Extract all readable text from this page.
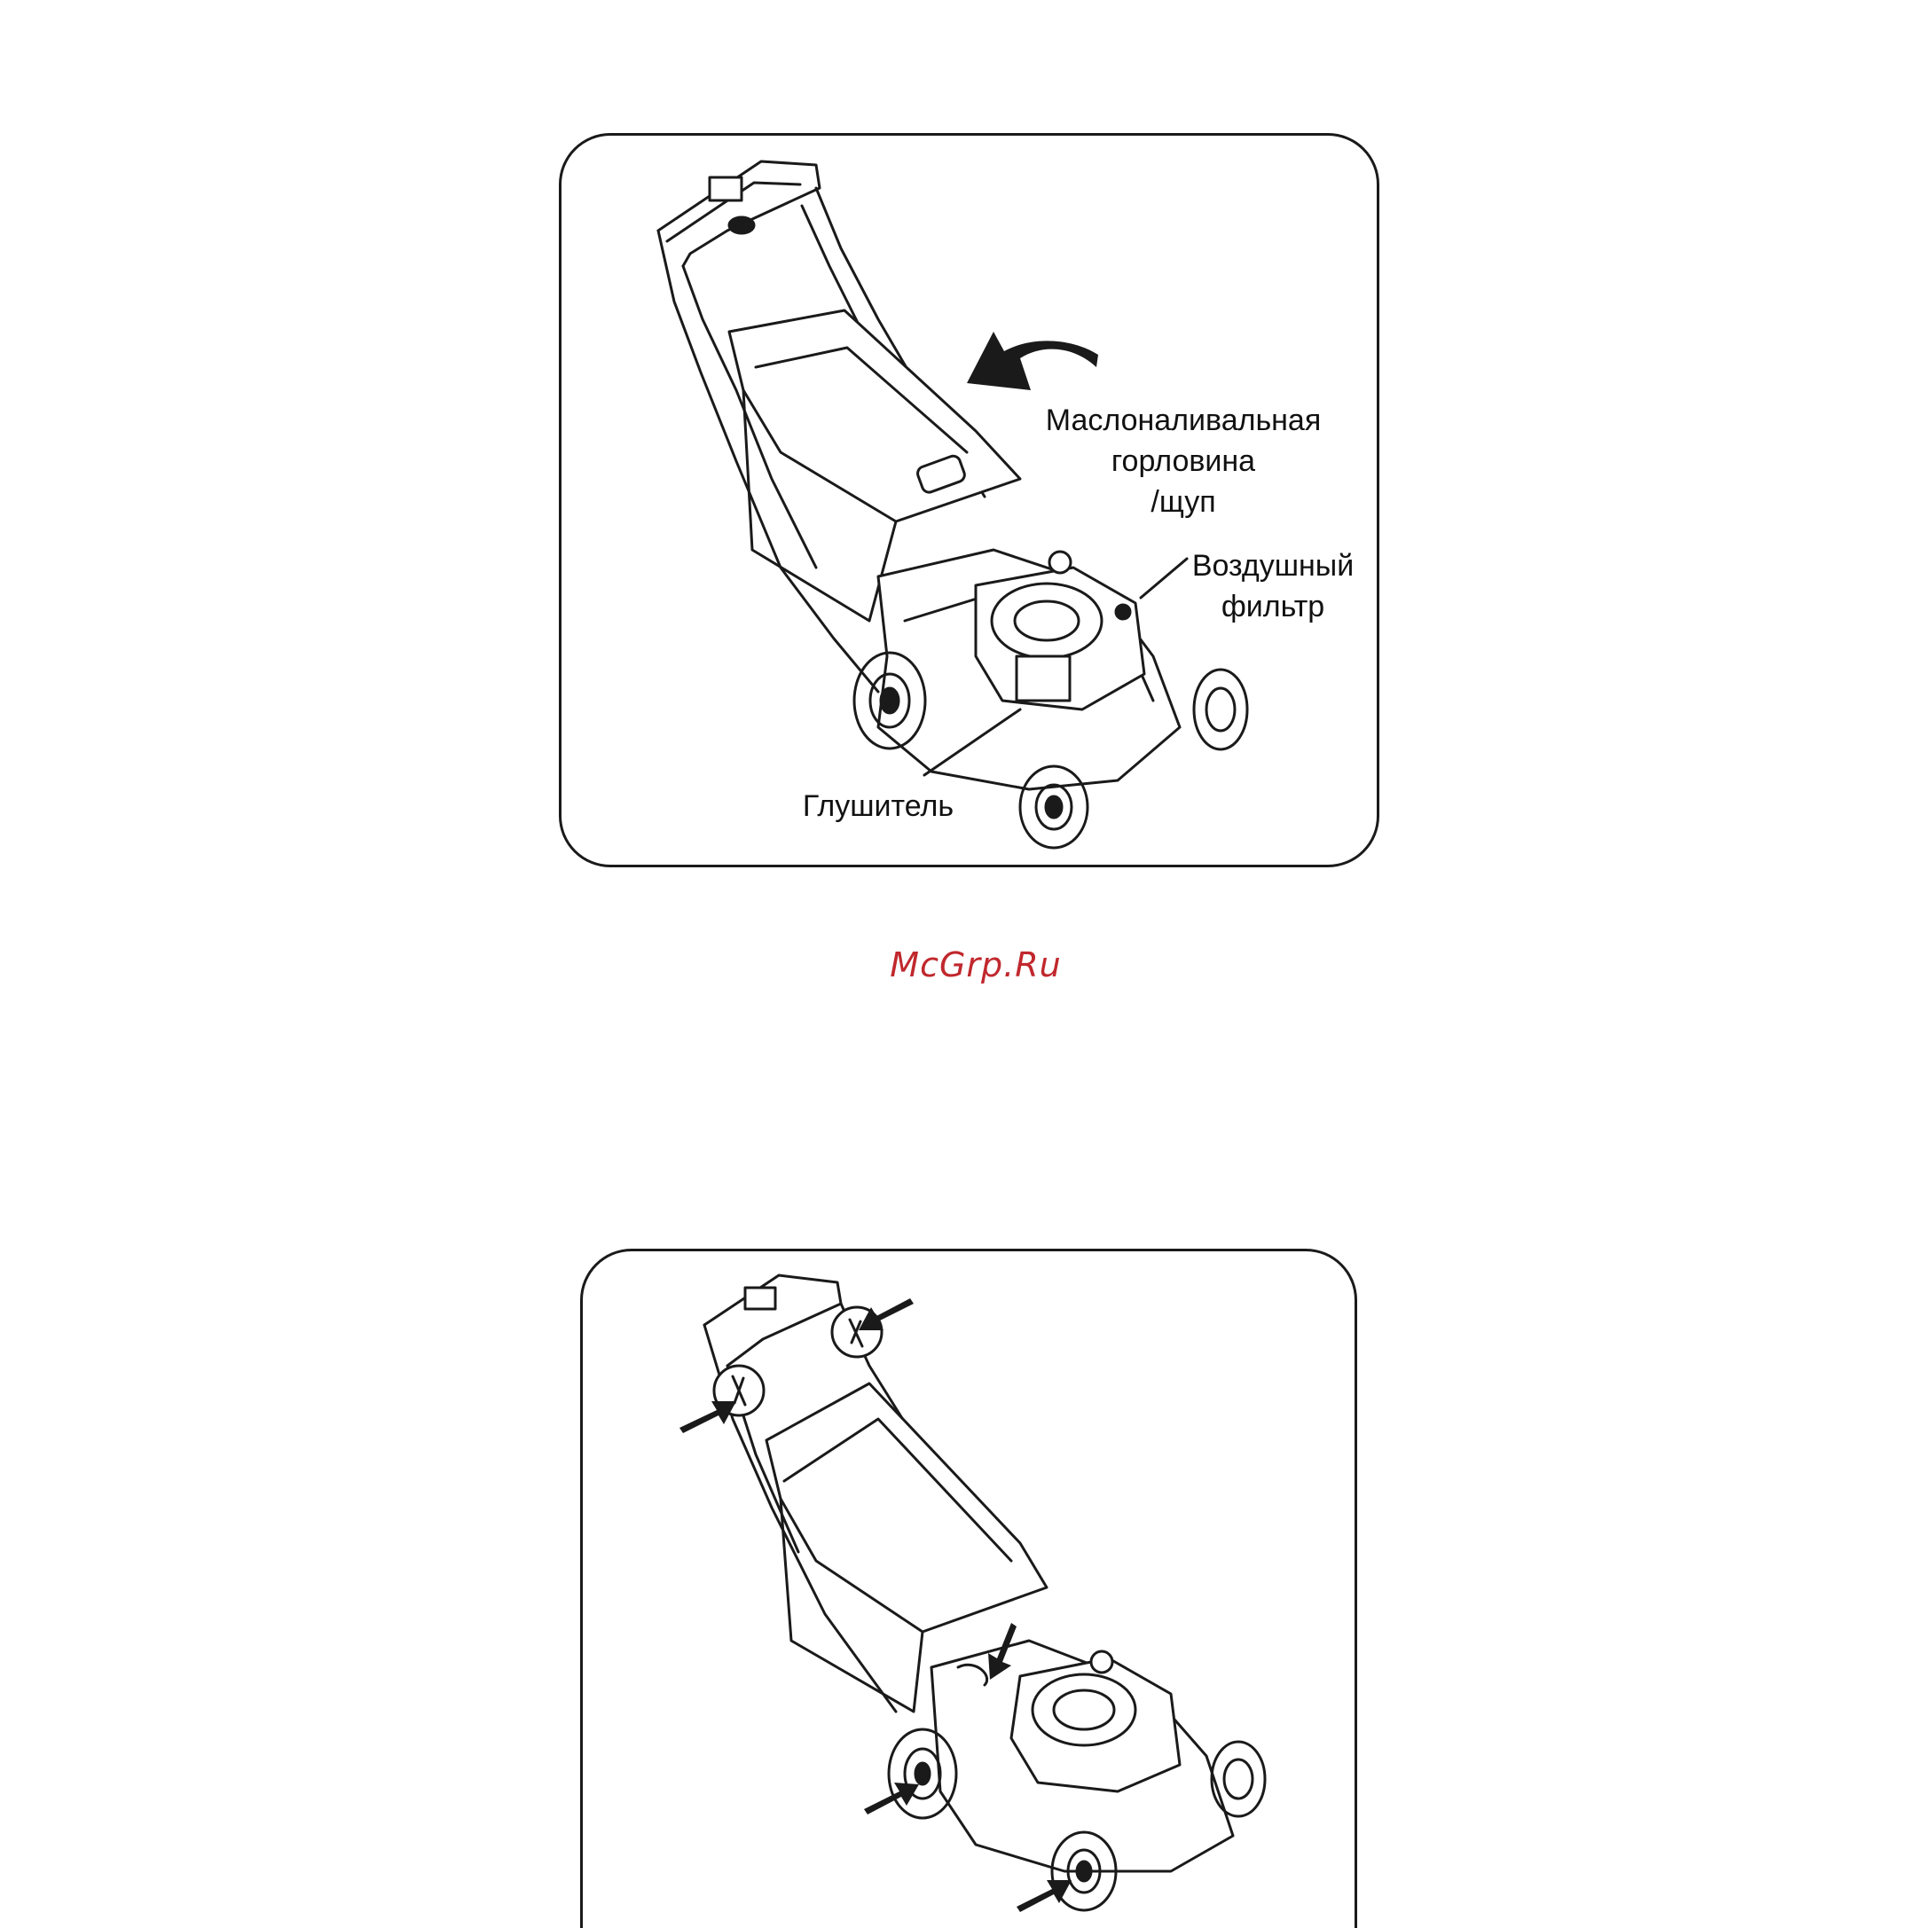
Маслоналивальная
горловина
/щуп
Воздушный
фильтр
Глушитель
McGrp.Ru
